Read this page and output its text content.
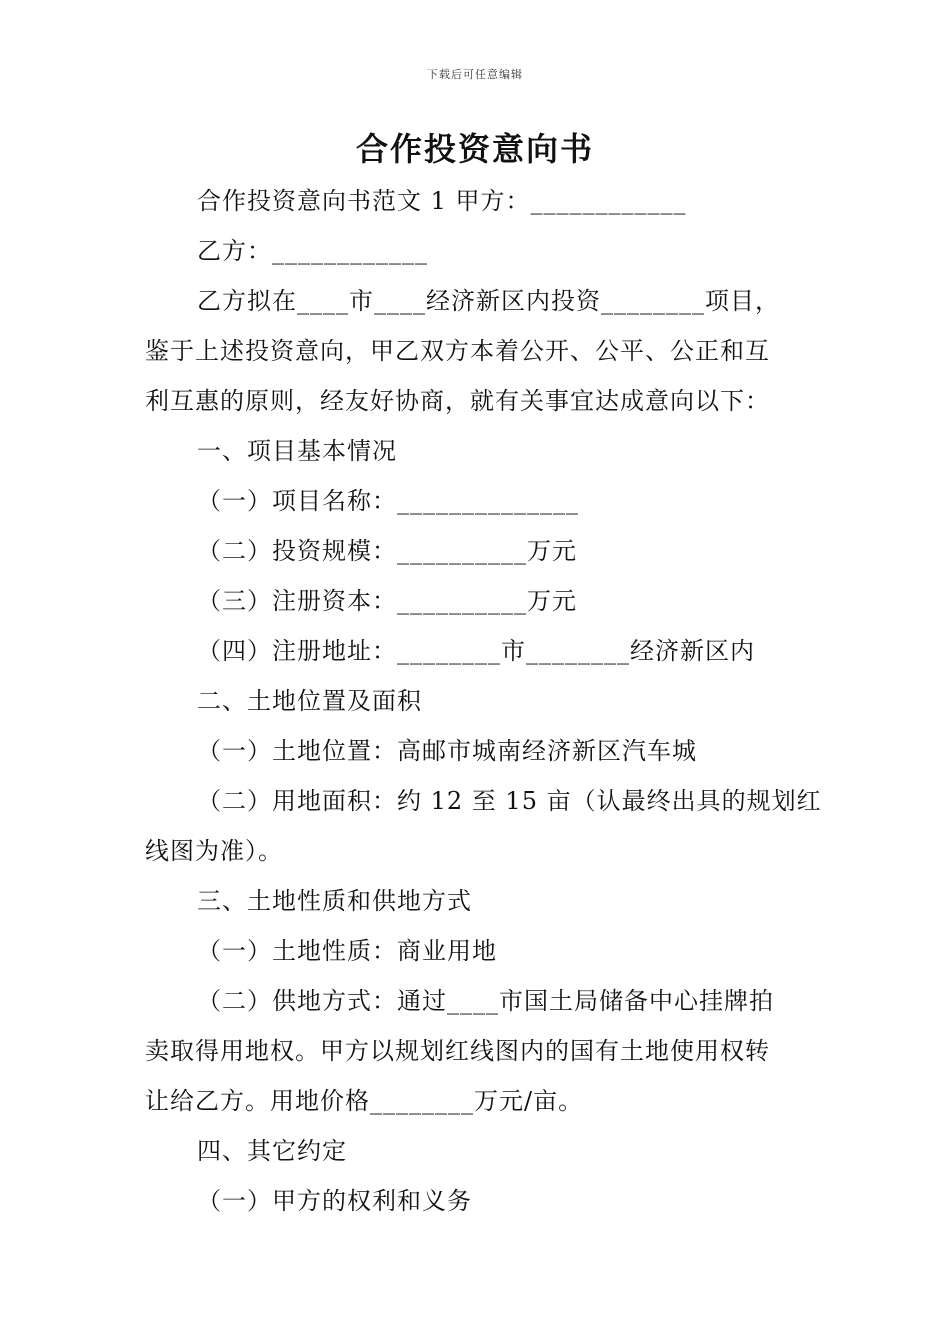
下载后可任意编辑
合作投资意向书
合作投资意向书范文 1 甲方：____________
乙方：____________
乙方拟在____市____经济新区内投资________项目，
鉴于上述投资意向，甲乙双方本着公开、公平、公正和互
利互惠的原则，经友好协商，就有关事宜达成意向以下：
一、项目基本情况
（一）项目名称：______________
（二）投资规模：__________万元
（三）注册资本：__________万元
（四）注册地址：________市________经济新区内
二、土地位置及面积
（一）土地位置：高邮市城南经济新区汽车城
（二）用地面积：约 12 至 15 亩（认最终出具的规划红
线图为准）。
三、土地性质和供地方式
（一）土地性质：商业用地
（二）供地方式：通过____市国土局储备中心挂牌拍
卖取得用地权。甲方以规划红线图内的国有土地使用权转
让给乙方。用地价格________万元/亩。
四、其它约定
（一）甲方的权利和义务
